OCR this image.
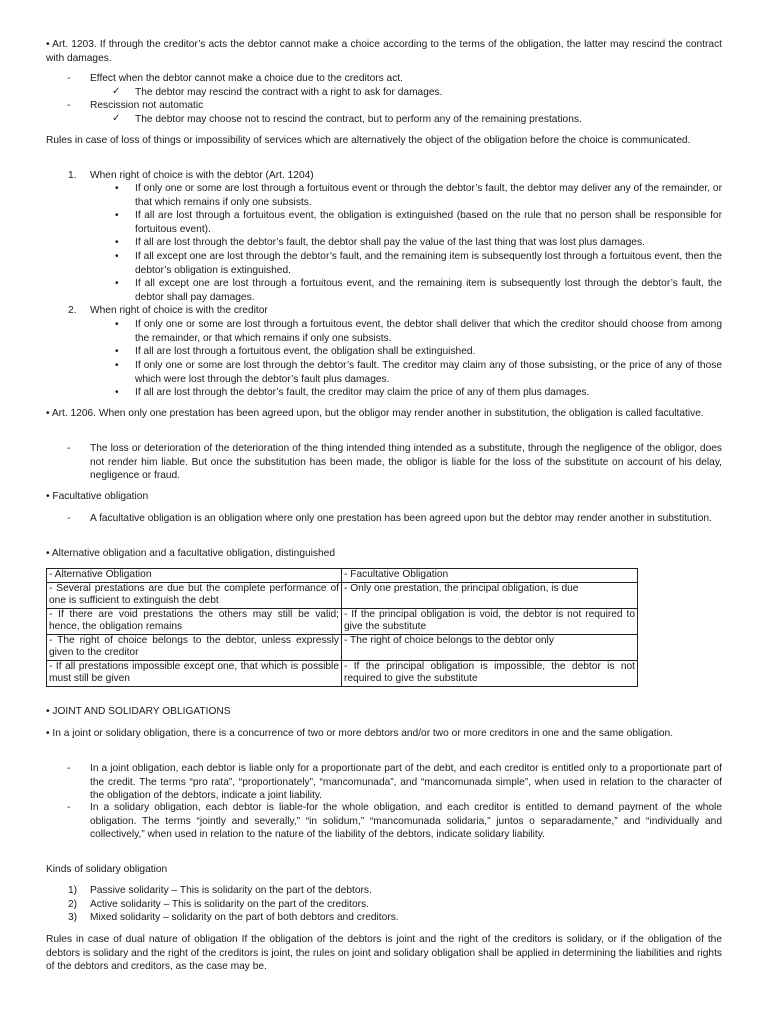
• Art. 1203. If through the creditor’s acts the debtor cannot make a choice according to the terms of the obligation, the latter may rescind the contract with damages.

- Effect when the debtor cannot make a choice due to the creditors act.

✓ The debtor may rescind the contract with a right to ask for damages.

- Rescission not automatic

✓ The debtor may choose not to rescind the contract, but to perform any of the remaining prestations.

Rules in case of loss of things or impossibility of services which are alternatively the object of the obligation before the choice is communicated.

1. When right of choice is with the debtor (Art. 1204)

• If only one or some are lost through a fortuitous event or through the debtor’s fault, the debtor may deliver any of the remainder, or that which remains if only one subsists.

• If all are lost through a fortuitous event, the obligation is extinguished (based on the rule that no person shall be responsible for fortuitous event).

• If all are lost through the debtor’s fault, the debtor shall pay the value of the last thing that was lost plus damages.

• If all except one are lost through the debtor’s fault, and the remaining item is subsequently lost through a fortuitous event, then the debtor’s obligation is extinguished.

• If all except one are lost through a fortuitous event, and the remaining item is subsequently lost through the debtor’s fault, the debtor shall pay damages.

2. When right of choice is with the creditor

• If only one or some are lost through a fortuitous event, the debtor shall deliver that which the creditor should choose from among the remainder, or that which remains if only one subsists.

• If all are lost through a fortuitous event, the obligation shall be extinguished.

• If only one or some are lost through the debtor’s fault. The creditor may claim any of those subsisting, or the price of any of those which were lost through the debtor’s fault plus damages.

• If all are lost through the debtor’s fault, the creditor may claim the price of any of them plus damages.

• Art. 1206. When only one prestation has been agreed upon, but the obligor may render another in substitution, the obligation is called facultative.

- The loss or deterioration of the deterioration of the thing intended thing intended as a substitute, through the negligence of the obligor, does not render him liable. But once the substitution has been made, the obligor is liable for the loss of the substitute on account of his delay, negligence or fraud.

• Facultative obligation

- A facultative obligation is an obligation where only one prestation has been agreed upon but the debtor may render another in substitution.

• Alternative obligation and a facultative obligation, distinguished

- Alternative Obligation	- Facultative Obligation
- Several prestations are due but the complete performance of one is sufficient to extinguish the debt	- Only one prestation, the principal obligation, is due
- If there are void prestations the others may still be valid; hence, the obligation remains	- If the principal obligation is void, the debtor is not required to give the substitute
- The right of choice belongs to the debtor, unless expressly given to the creditor	- The right of choice belongs to the debtor only
- If all prestations impossible except one, that which is possible must still be given	- If the principal obligation is impossible, the debtor is not required to give the substitute

• JOINT AND SOLIDARY OBLIGATIONS

• In a joint or solidary obligation, there is a concurrence of two or more debtors and/or two or more creditors in one and the same obligation.

- In a joint obligation, each debtor is liable only for a proportionate part of the debt, and each creditor is entitled only to a proportionate part of the credit. The terms “pro rata”, “proportionately”, “mancomunada”, and “mancomunada simple”, when used in relation to the character of the obligation of the debtors, indicate a joint liability.

- In a solidary obligation, each debtor is liable-for the whole obligation, and each creditor is entitled to demand payment of the whole obligation. The terms “jointly and severally,” “in solidum,” “mancomunada solidaria,” juntos o separadamente,” and “individually and collectively,” when used in relation to the nature of the liability of the debtors, indicate solidary liability.

Kinds of solidary obligation

1) Passive solidarity – This is solidarity on the part of the debtors.

2) Active solidarity – This is solidarity on the part of the creditors.

3) Mixed solidarity – solidarity on the part of both debtors and creditors.

Rules in case of dual nature of obligation If the obligation of the debtors is joint and the right of the creditors is solidary, or if the obligation of the debtors is solidary and the right of the creditors is joint, the rules on joint and solidary obligation shall be applied in determining the liabilities and rights of the debtors and creditors, as the case may be.
